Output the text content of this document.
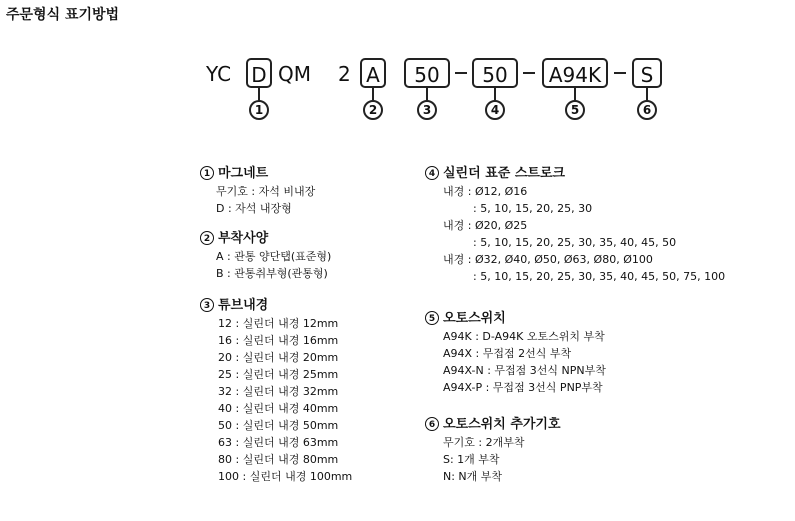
주문형식 표기방법
YC D QM 2 A	50	50	A94K	S
1	2	3	4	5	6
1 마그네트
무기호 : 자석 비내장
D : 자석 내장형
2 부착사양
A : 관통 양단탭(표준형)
B : 관통취부형(관통형)
3 튜브내경
12 : 실린더 내경 12mm
16 : 실린더 내경 16mm
20 : 실린더 내경 20mm
25 : 실린더 내경 25mm
32 : 실린더 내경 32mm
40 : 실린더 내경 40mm
50 : 실린더 내경 50mm
63 : 실린더 내경 63mm
80 : 실린더 내경 80mm
100 : 실린더 내경 100mm
4 실린더 표준 스트로크
내경 : Ø12, Ø16
: 5, 10, 15, 20, 25, 30
내경 : Ø20, Ø25
: 5, 10, 15, 20, 25, 30, 35, 40, 45, 50
내경 : Ø32, Ø40, Ø50, Ø63, Ø80, Ø100
: 5, 10, 15, 20, 25, 30, 35, 40, 45, 50, 75, 100
5 오토스위치
A94K : D-A94K 오토스위치 부착
A94X : 무접점 2선식 부착
A94X-N : 무접점 3선식 NPN부착
A94X-P : 무접점 3선식 PNP부착
6 오토스위치 추가기호
무기호 : 2개부착
S: 1개 부착
N: N개 부착
